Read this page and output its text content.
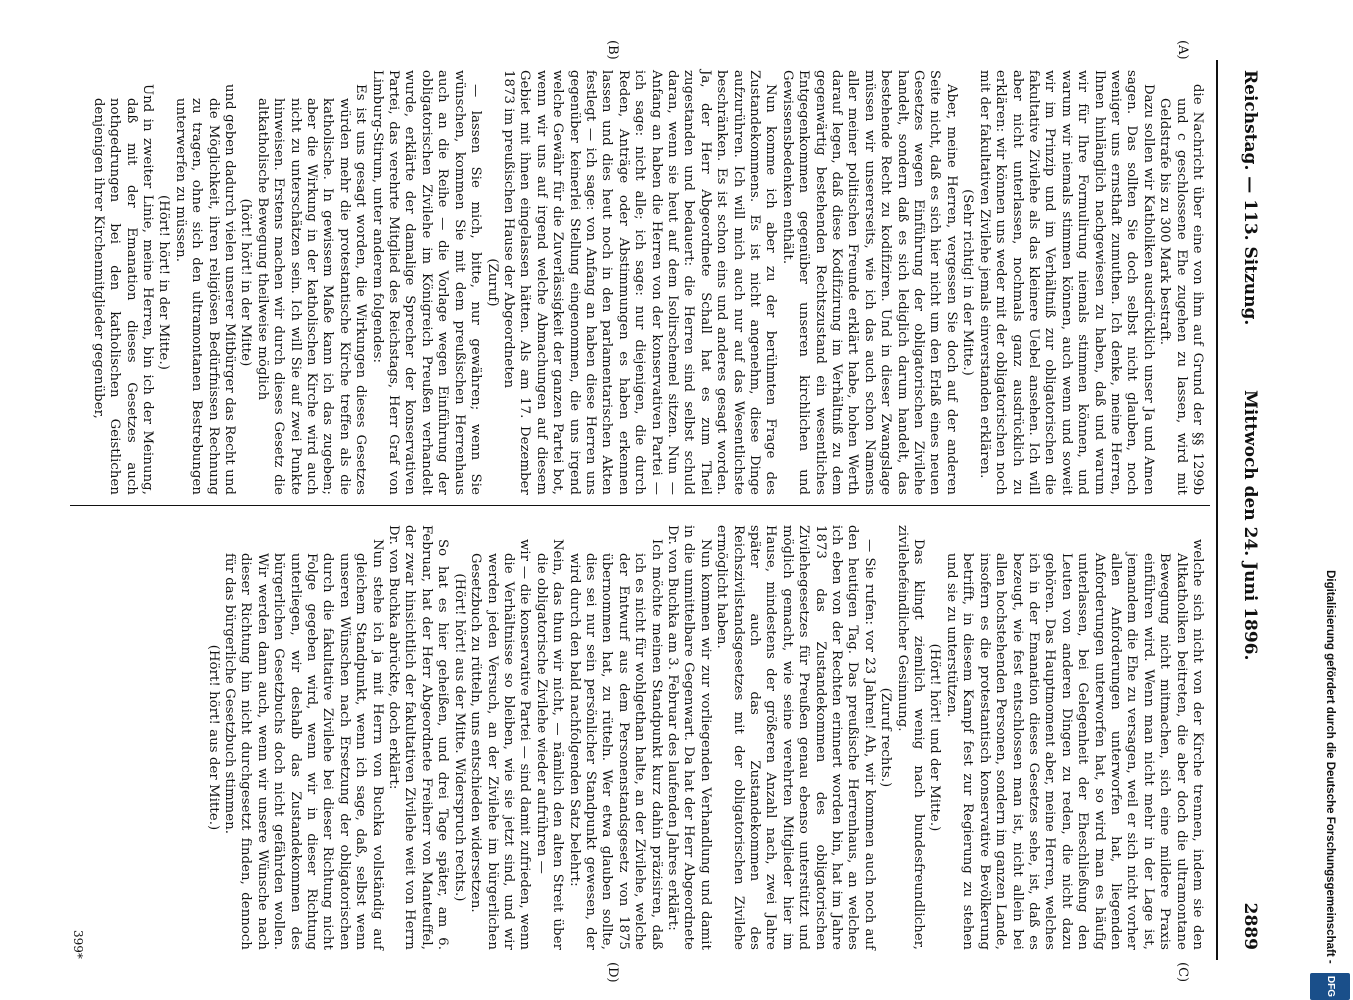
Reichstag. — 113. Sitzung.
Mittwoch den 24. Juni 1896.
2889
(A)
(B)
(C)
(D)

die Nachricht über eine von ihm auf Grund der §§ 1299b und c geschlossene Ehe zugehen zu lassen, wird mit Geldstrafe bis zu 300 Mark bestraft.

Dazu sollen wir Katholiken ausdrücklich unser Ja und Amen sagen. Das sollten Sie doch selbst nicht glauben, noch weniger uns ernsthaft zumuthen. Ich denke, meine Herren, Ihnen hinlänglich nachgewiesen zu haben, daß und warum wir für Ihre Formulirung niemals stimmen können, und warum wir niemals stimmen können, auch wenn und soweit wir im Prinzip und im Verhältniß zur obligatorischen die fakultative Zivilehe als das kleinere Uebel ansehen. Ich will aber nicht unterlassen, nochmals ganz ausdrücklich zu erklären: wir können uns weder mit der obligatorischen noch mit der fakultativen Zivilehe jemals einverstanden erklären.

(Sehr richtig! in der Mitte.)

Aber, meine Herren, vergessen Sie doch auf der anderen Seite nicht, daß es sich hier nicht um den Erlaß eines neuen Gesetzes wegen Einführung der obligatorischen Zivilehe handelt, sondern daß es sich lediglich darum handelt, das bestehende Recht zu kodifiziren. Und in dieser Zwangslage müssen wir unsererseits, wie ich das auch schon Namens aller meiner politischen Freunde erklärt habe, hohen Werth darauf legen, daß diese Kodifizirung im Verhältniß zu dem gegenwärtig bestehenden Rechtszustand ein wesentliches Entgegenkommen gegenüber unseren kirchlichen und Gewissensbedenken enthält.

Nun komme ich aber zu der berühmten Frage des Zustandekommens. Es ist nicht angenehm, diese Dinge aufzurühren. Ich will mich auch nur auf das Wesentlichste beschränken. Es ist schon eins und anderes gesagt worden. Ja, der Herr Abgeordnete Schall hat es zum Theil zugestanden und bedauert: die Herren sind selbst schuld daran, wenn sie heut auf dem Isolirschemel sitzen. Nun — Anfang an haben die Herren von der konservativen Partei — ich sage: nicht alle; ich sage: nur diejenigen, die durch Reden, Anträge oder Abstimmungen es haben erkennen lassen und dies heut noch in den parlamentarischen Akten festlegt — ich sage: von Anfang an haben diese Herren uns gegenüber keinerlei Stellung eingenommen, die uns irgend welche Gewähr für die Zuverlässigkeit der ganzen Partei bot, wenn wir uns auf irgend welche Abmachungen auf diesem Gebiet mit ihnen eingelassen hätten. Als am 17. Dezember 1873 im preußischen Hause der Abgeordneten

(Zuruf)

— lassen Sie mich, bitte, nur gewähren; wenn Sie wünschen, kommen Sie mit dem preußischen Herrenhaus auch an die Reihe — die Vorlage wegen Einführung der obligatorischen Zivilehe im Königreich Preußen verhandelt wurde, erklärte der damalige Sprecher der konservativen Partei, das verehrte Mitglied des Reichstags, Herr Graf von Limburg-Stirum, unter anderem folgendes:

Es ist uns gesagt worden, die Wirkungen dieses Gesetzes würden mehr die protestantische Kirche treffen als die katholische. In gewissem Maße kann ich das zugeben; aber die Wirkung in der katholischen Kirche wird auch nicht zu unterschätzen sein. Ich will Sie auf zwei Punkte hinweisen. Erstens machen wir durch dieses Gesetz die altkatholische Bewegung theilweise möglich

(hört! hört! in der Mitte)

und geben dadurch vielen unserer Mitbürger das Recht und die Möglichkeit, ihren religiösen Bedürfnissen Rechnung zu tragen, ohne sich den ultramontanen Bestrebungen unterwerfen zu müssen.

(Hört! hört! in der Mitte.)

Und in zweiter Linie, meine Herren, bin ich der Meinung, daß mit der Emanation dieses Gesetzes auch nothgedrungen bei den katholischen Geistlichen denjenigen ihrer Kirchenmitglieder gegenüber,

welche sich nicht von der Kirche trennen, indem sie den Altkatholiken beitreten, die aber doch die ultramontane Bewegung nicht mitmachen, sich eine mildere Praxis einführen wird. Wenn man nicht mehr in der Lage ist, jemandem die Ehe zu versagen, weil er sich nicht vorher allen Anforderungen unterworfen hat, liegenden Anforderungen unterworfen hat, so wird man es häufig unterlassen, bei Gelegenheit der Eheschließung den Leuten von anderen Dingen zu reden, die nicht dazu gehören. Das Hauptmoment aber, meine Herren, welches ich in der Emanation dieses Gesetzes sehe, ist, daß es bezeugt, wie fest entschlossen man ist, nicht allein bei allen hochstehenden Personen, sondern im ganzen Lande, insofern es die protestantisch konservative Bevölkerung betrifft, in diesem Kampf fest zur Regierung zu stehen und sie zu unterstützen.

(Hört! hört! und der Mitte.)

Das klingt ziemlich wenig nach bundesfreundlicher, zivilehefeindlicher Gesinnung.

(Zuruf rechts.)

— Sie rufen: vor 23 Jahren! Ah, wir kommen auch noch auf den heutigen Tag. Das preußische Herrenhaus, an welches ich eben von der Rechten erinnert worden bin, hat im Jahre 1873 das Zustandekommen des obligatorischen Zivilehegesetzes für Preußen genau ebenso unterstützt und möglich gemacht, wie seine verehrten Mitglieder hier im Hause, mindestens der größeren Anzahl nach, zwei Jahre später auch das Zustandekommen des Reichszivilstandsgesetzes mit der obligatorischen Zivilehe ermöglicht haben.

Nun kommen wir zur vorliegenden Verhandlung und damit in die unmittelbare Gegenwart. Da hat der Herr Abgeordnete Dr. von Buchka am 3. Februar des laufenden Jahres erklärt:

Ich möchte meinen Standpunkt kurz dahin präzisiren, daß ich es nicht für wohlgethan halte, an der Zivilehe, welche der Entwurf aus dem Personenstandsgesetz von 1875 übernommen hat, zu rütteln. Wer etwa glauben sollte, dies sei nur sein persönlicher Standpunkt gewesen, der wird durch den bald nachfolgenden Satz belehrt:

Nein, das thun wir nicht, — nämlich den alten Streit über die obligatorische Zivilehe wieder aufrühren —

wir — die konservative Partei — sind damit zufrieden, wenn die Verhältnisse so bleiben, wie sie jetzt sind, und wir werden jeden Versuch, an der Zivilehe im bürgerlichen Gesetzbuch zu rütteln, uns entschieden widersetzen.

(Hört! hört! aus der Mitte. Widerspruch rechts.)

So hat es hier geheißen, und drei Tage später, am 6. Februar, hat der Herr Abgeordnete Freiherr von Manteuffel, der zwar hinsichtlich der fakultativen Zivilehe weit von Herrn Dr. von Buchka abrückte, doch erklärt:

Nun stehe ich ja mit Herrn von Buchka vollständig auf gleichem Standpunkt, wenn ich sage, daß, selbst wenn unseren Wünschen nach Ersetzung der obligatorischen durch die fakultative Zivilehe bei dieser Richtung nicht Folge gegeben wird, wenn wir in dieser Richtung unterliegen, wir deshalb das Zustandekommen des bürgerlichen Gesetzbuchs doch nicht gefährden wollen. Wir werden dann auch, wenn wir unsere Wünsche nach dieser Richtung hin nicht durchgesetzt finden, dennoch für das bürgerliche Gesetzbuch stimmen.

(Hört! hört! aus der Mitte.)

399*	Digitalisierung gefördert durch die Deutsche Forschungsgemeinschaft - DFG
